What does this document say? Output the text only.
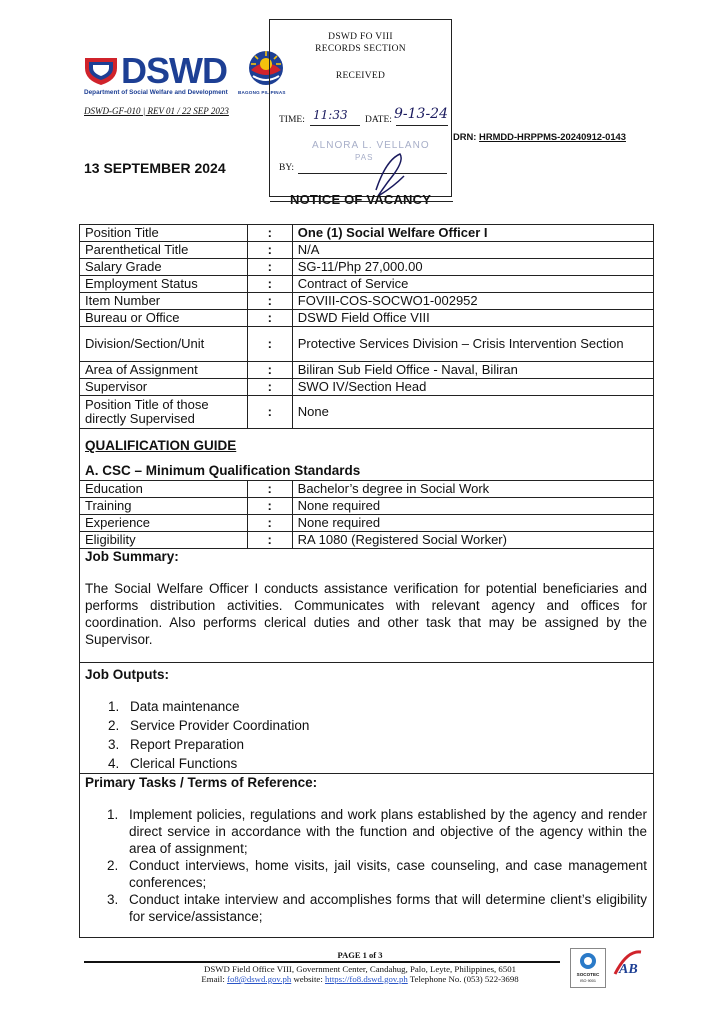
DSWD
Department of Social Welfare and Development BAGONG PILIPINAS
DSWD-GF-010 | REV 01 / 22 SEP 2023
13 SEPTEMBER 2024
DRN: HRMDD-HRPPMS-20240912-0143
DSWD FO VIII
RECORDS SECTION
RECEIVED
TIME: 11:33 DATE: 9-13-24
ALNORA L. VELLANO
PAS
BY:
NOTICE OF VACANCY
Position Title	:	One (1) Social Welfare Officer I
Parenthetical Title	:	N/A
Salary Grade	:	SG-11/Php 27,000.00
Employment Status	:	Contract of Service
Item Number	:	FOVIII-COS-SOCWO1-002952
Bureau or Office	:	DSWD Field Office VIII
Division/Section/Unit	:	Protective Services Division – Crisis Intervention Section
Area of Assignment	:	Biliran Sub Field Office - Naval, Biliran
Supervisor	:	SWO IV/Section Head
Position Title of those directly Supervised	:	None
QUALIFICATION GUIDE
A. CSC – Minimum Qualification Standards
Education	:	Bachelor’s degree in Social Work
Training	:	None required
Experience	:	None required
Eligibility	:	RA 1080 (Registered Social Worker)
Job Summary:
The Social Welfare Officer I conducts assistance verification for potential beneficiaries and performs distribution activities. Communicates with relevant agency and offices for coordination. Also performs clerical duties and other task that may be assigned by the Supervisor.
Job Outputs:
1. Data maintenance
2. Service Provider Coordination
3. Report Preparation
4. Clerical Functions
Primary Tasks / Terms of Reference:
1. Implement policies, regulations and work plans established by the agency and render direct service in accordance with the function and objective of the agency within the area of assignment;
2. Conduct interviews, home visits, jail visits, case counseling, and case management conferences;
3. Conduct intake interview and accomplishes forms that will determine client’s eligibility for service/assistance;
PAGE 1 of 3
DSWD Field Office VIII, Government Center, Candahug, Palo, Leyte, Philippines, 6501
Email: fo8@dswd.gov.ph website: https://fo8.dswd.gov.ph Telephone No. (053) 522-3698	SOCOTEC
ISO 9001
AB
